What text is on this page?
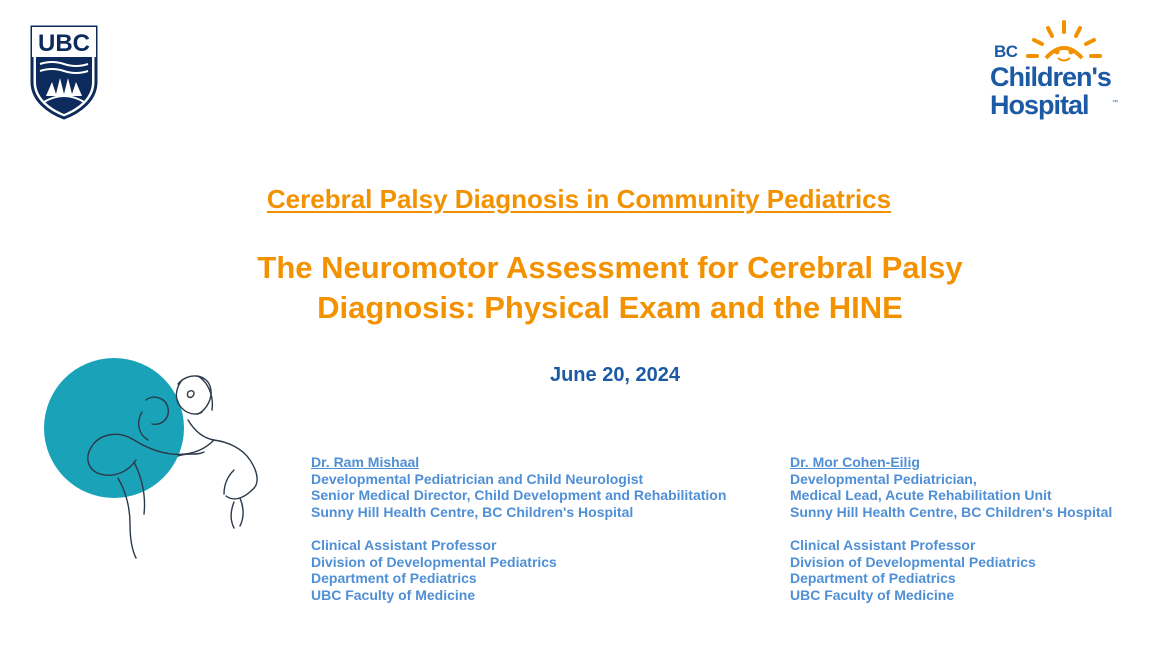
UBC	BC
Children's
Hospital	™
Cerebral Palsy Diagnosis in Community Pediatrics
The Neuromotor Assessment for Cerebral Palsy
Diagnosis: Physical Exam and the HINE
June 20, 2024
Dr. Ram Mishaal
Developmental Pediatrician and Child Neurologist
Senior Medical Director, Child Development and Rehabilitation
Sunny Hill Health Centre, BC Children's Hospital
Clinical Assistant Professor
Division of Developmental Pediatrics
Department of Pediatrics
UBC Faculty of Medicine
Dr. Mor Cohen-Eilig
Developmental Pediatrician,
Medical Lead, Acute Rehabilitation Unit
Sunny Hill Health Centre, BC Children's Hospital
Clinical Assistant Professor
Division of Developmental Pediatrics
Department of Pediatrics
UBC Faculty of Medicine
